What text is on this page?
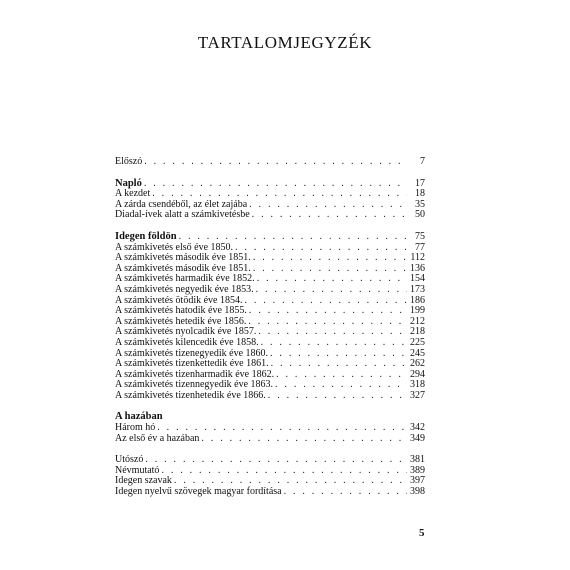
TARTALOMJEGYZÉK
Előszó . . .	7
Napló . . .	17
A kezdet . . .	18
A zárda csendéből, az élet zajába . . .	35
Diadal-ívek alatt a számkivetésbe . . .	50
Idegen földön . . .	75
A számkivetés első éve 1850. . . .	77
A számkivetés második éve 1851. . . .	112
A számkivetés második éve 1851. . . .	136
A számkivetés harmadik éve 1852. . . .	154
A számkivetés negyedik éve 1853. . . .	173
A számkivetés ötödik éve 1854. . . .	186
A számkivetés hatodik éve 1855. . . .	199
A számkivetés hetedik éve 1856. . . .	212
A számkivetés nyolcadik éve 1857. . . .	218
A számkivetés kilencedik éve 1858. . . .	225
A számkivetés tizenegyedik éve 1860. . . .	245
A számkivetés tizenkettedik éve 1861. . . .	262
A számkivetés tizenharmadik éve 1862. . . .	294
A számkivetés tizennegyedik éve 1863. . . .	318
A számkivetés tizenhetedik éve 1866. . . .	327
A hazában
Három hó . . .	342
Az első év a hazában . . .	349
Utószó . . .	381
Névmutató . . .	389
Idegen szavak . . .	397
Idegen nyelvű szövegek magyar fordítása . . .	398
5
